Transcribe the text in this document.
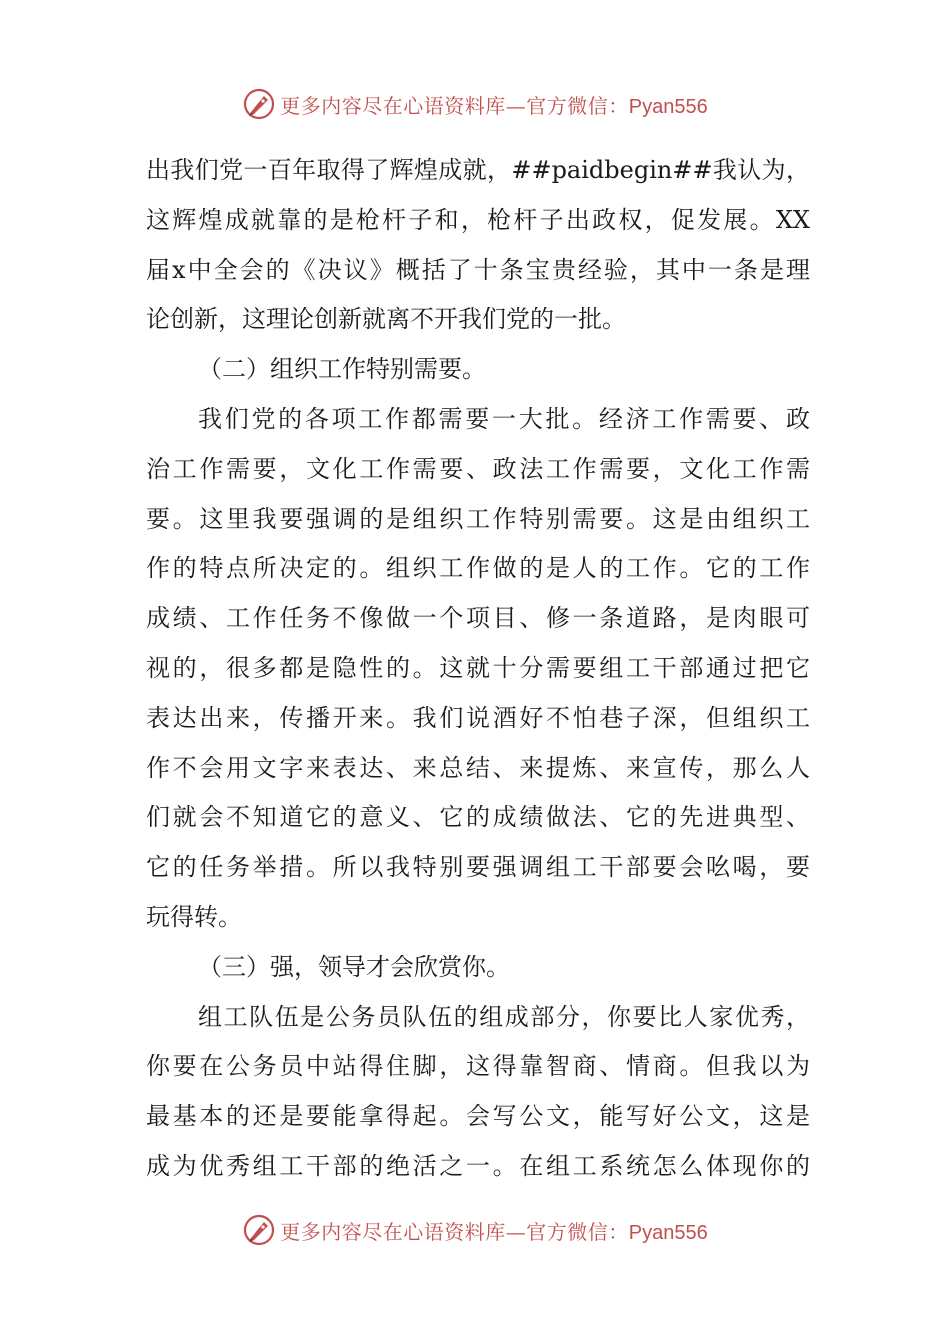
更多内容尽在心语资料库—官方微信：Pyan556
出我们党一百年取得了辉煌成就，##paidbegin##我认为，
这辉煌成就靠的是枪杆子和，枪杆子出政权，促发展。XX
届x中全会的《决议》概括了十条宝贵经验，其中一条是理
论创新，这理论创新就离不开我们党的一批。
（二）组织工作特别需要。
我们党的各项工作都需要一大批。经济工作需要、政
治工作需要，文化工作需要、政法工作需要，文化工作需
要。这里我要强调的是组织工作特别需要。这是由组织工
作的特点所决定的。组织工作做的是人的工作。它的工作
成绩、工作任务不像做一个项目、修一条道路，是肉眼可
视的，很多都是隐性的。这就十分需要组工干部通过把它
表达出来，传播开来。我们说酒好不怕巷子深，但组织工
作不会用文字来表达、来总结、来提炼、来宣传，那么人
们就会不知道它的意义、它的成绩做法、它的先进典型、
它的任务举措。所以我特别要强调组工干部要会吆喝，要
玩得转。
（三）强，领导才会欣赏你。
组工队伍是公务员队伍的组成部分，你要比人家优秀，
你要在公务员中站得住脚，这得靠智商、情商。但我以为
最基本的还是要能拿得起。会写公文，能写好公文，这是
成为优秀组工干部的绝活之一。在组工系统怎么体现你的
更多内容尽在心语资料库—官方微信：Pyan556
